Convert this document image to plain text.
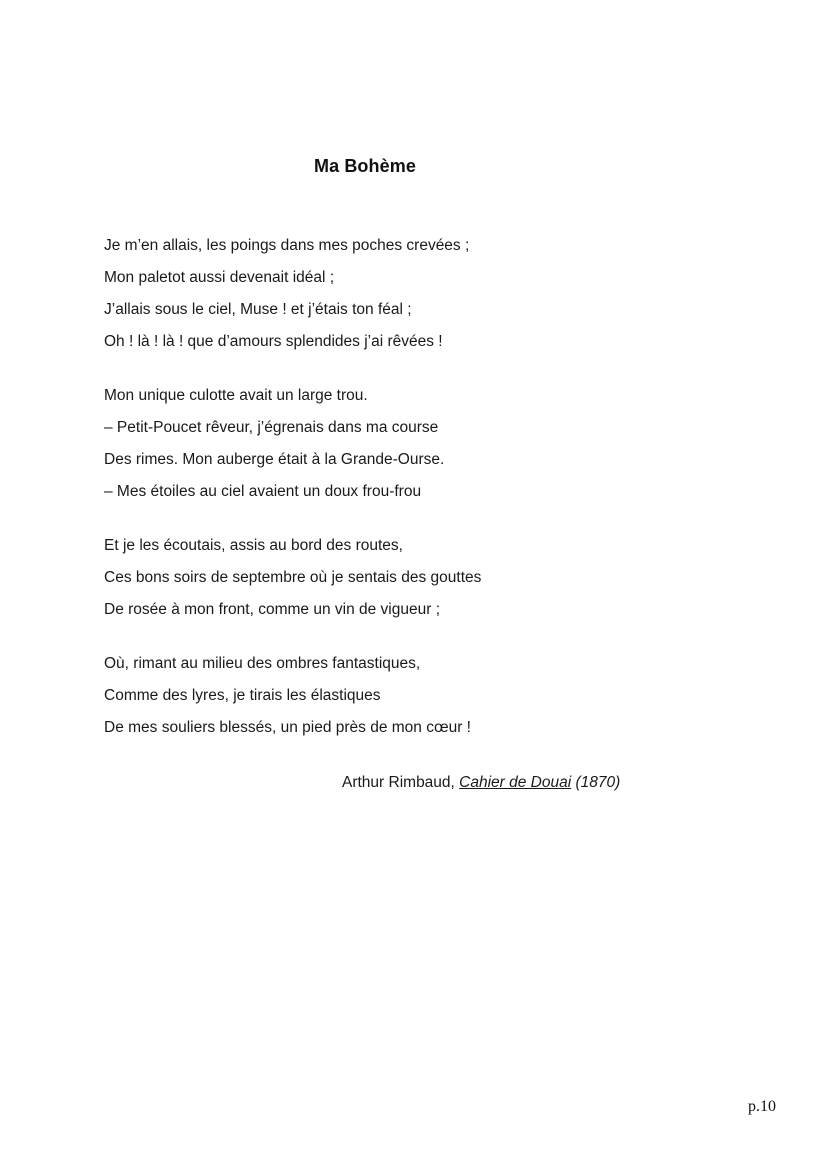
Ma Bohème
Je m’en allais, les poings dans mes poches crevées ;
Mon paletot aussi devenait idéal ;
J’allais sous le ciel, Muse ! et j’étais ton féal ;
Oh ! là ! là ! que d’amours splendides j’ai rêvées !
Mon unique culotte avait un large trou.
– Petit-Poucet rêveur, j’égrenais dans ma course
Des rimes. Mon auberge était à la Grande-Ourse.
– Mes étoiles au ciel avaient un doux frou-frou
Et je les écoutais, assis au bord des routes,
Ces bons soirs de septembre où je sentais des gouttes
De rosée à mon front, comme un vin de vigueur ;
Où, rimant au milieu des ombres fantastiques,
Comme des lyres, je tirais les élastiques
De mes souliers blessés, un pied près de mon cœur !
Arthur Rimbaud, Cahier de Douai (1870)
p.10
